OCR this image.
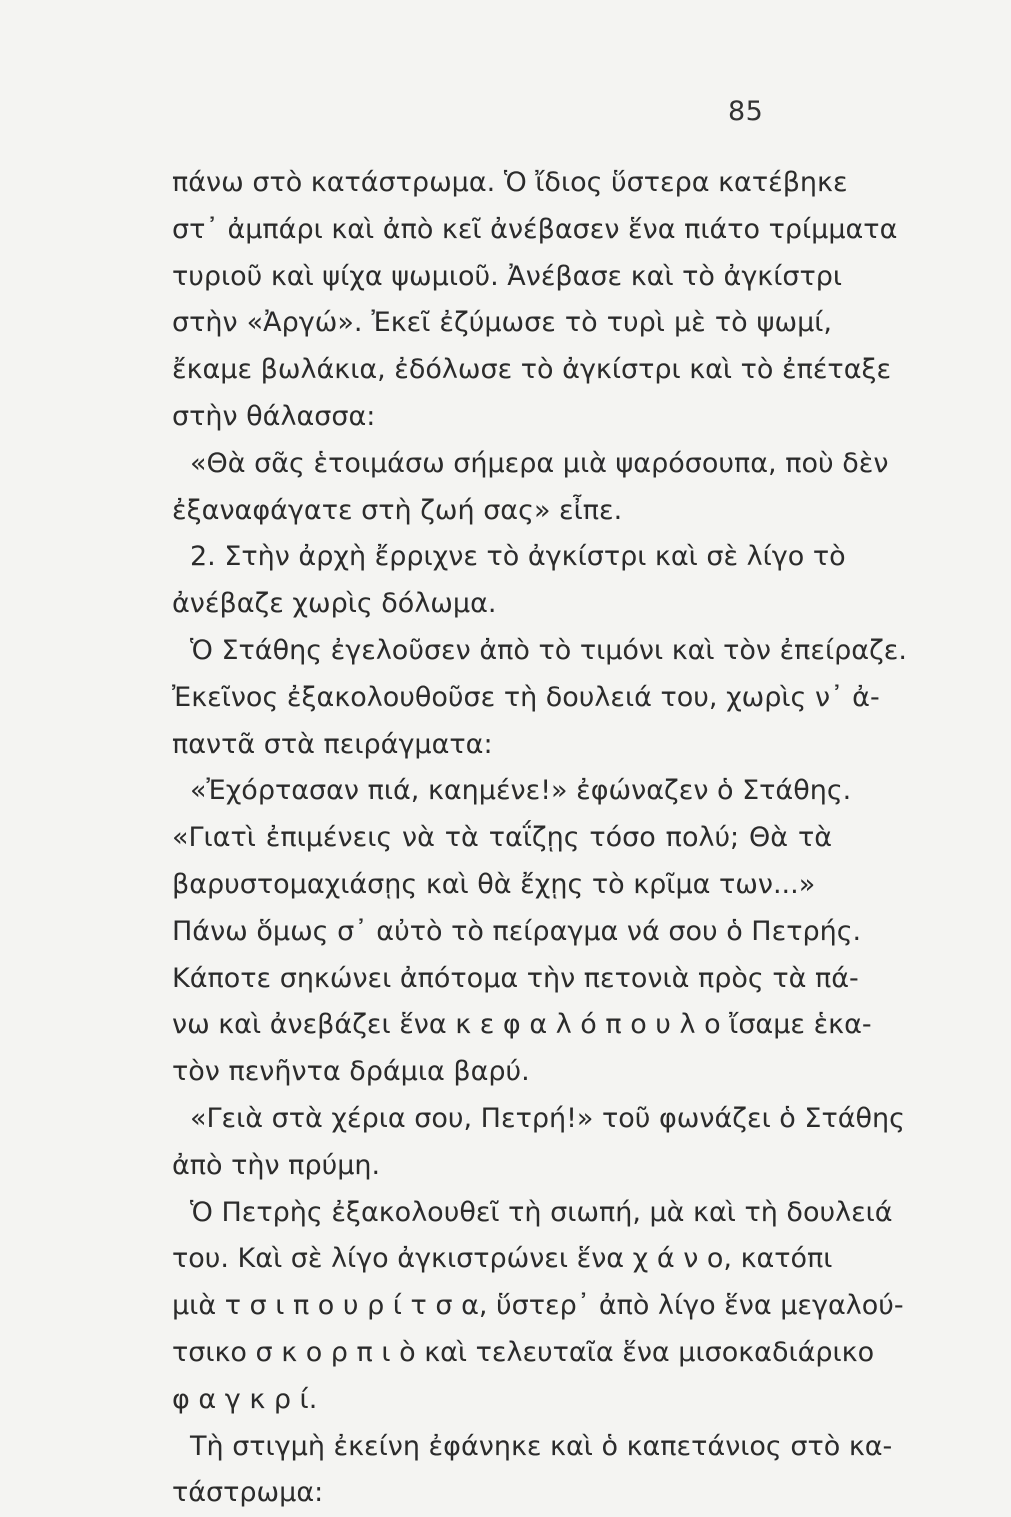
85
πάνω στὸ κατάστρωμα. Ὁ ἴδιος ὕστερα κατέβηκε
στ᾽ ἀμπάρι καὶ ἀπὸ κεῖ ἀνέβασεν ἕνα πιάτο τρίμματα
τυριοῦ καὶ ψίχα ψωμιοῦ. Ἀνέβασε καὶ τὸ ἀγκίστρι
στὴν «Ἀργώ». Ἐκεῖ ἐζύμωσε τὸ τυρὶ μὲ τὸ ψωμί,
ἔκαμε βωλάκια, ἐδόλωσε τὸ ἀγκίστρι καὶ τὸ ἐπέταξε
στὴν θάλασσα:
«Θὰ σᾶς ἑτοιμάσω σήμερα μιὰ ψαρόσουπα, ποὺ δὲν
ἐξαναφάγατε στὴ ζωή σας» εἶπε.
2. Στὴν ἀρχὴ ἔρριχνε τὸ ἀγκίστρι καὶ σὲ λίγο τὸ
ἀνέβαζε χωρὶς δόλωμα.
Ὁ Στάθης ἐγελοῦσεν ἀπὸ τὸ τιμόνι καὶ τὸν ἐπείραζε.
Ἐκεῖνος ἐξακολουθοῦσε τὴ δουλειά του, χωρὶς ν᾽ ἀ-
παντᾶ στὰ πειράγματα:
«Ἐχόρτασαν πιά, καημένε!» ἐφώναζεν ὁ Στάθης.
«Γιατὶ ἐπιμένεις νὰ τὰ ταΐζῃς τόσο πολύ; Θὰ τὰ
βαρυστομαχιάσῃς καὶ θὰ ἔχῃς τὸ κρῖμα των...»
Πάνω ὅμως σ᾽ αὐτὸ τὸ πείραγμα νά σου ὁ Πετρής.
Κάποτε σηκώνει ἀπότομα τὴν πετονιὰ πρὸς τὰ πά-
νω καὶ ἀνεβάζει ἕνα κ ε φ α λ ό π ο υ λ ο ἴσαμε ἑκα-
τὸν πενῆντα δράμια βαρύ.
«Γειὰ στὰ χέρια σου, Πετρή!» τοῦ φωνάζει ὁ Στάθης
ἀπὸ τὴν πρύμη.
Ὁ Πετρὴς ἐξακολουθεῖ τὴ σιωπή, μὰ καὶ τὴ δουλειά
του. Καὶ σὲ λίγο ἀγκιστρώνει ἕνα χ ά ν ο, κατόπι
μιὰ τ σ ι π ο υ ρ ί τ σ α, ὕστερ᾽ ἀπὸ λίγο ἕνα μεγαλού-
τσικο σ κ ο ρ π ι ὸ καὶ τελευταῖα ἕνα μισοκαδιάρικο
φ α γ κ ρ ί.
Τὴ στιγμὴ ἐκείνη ἐφάνηκε καὶ ὁ καπετάνιος στὸ κα-
τάστρωμα:
